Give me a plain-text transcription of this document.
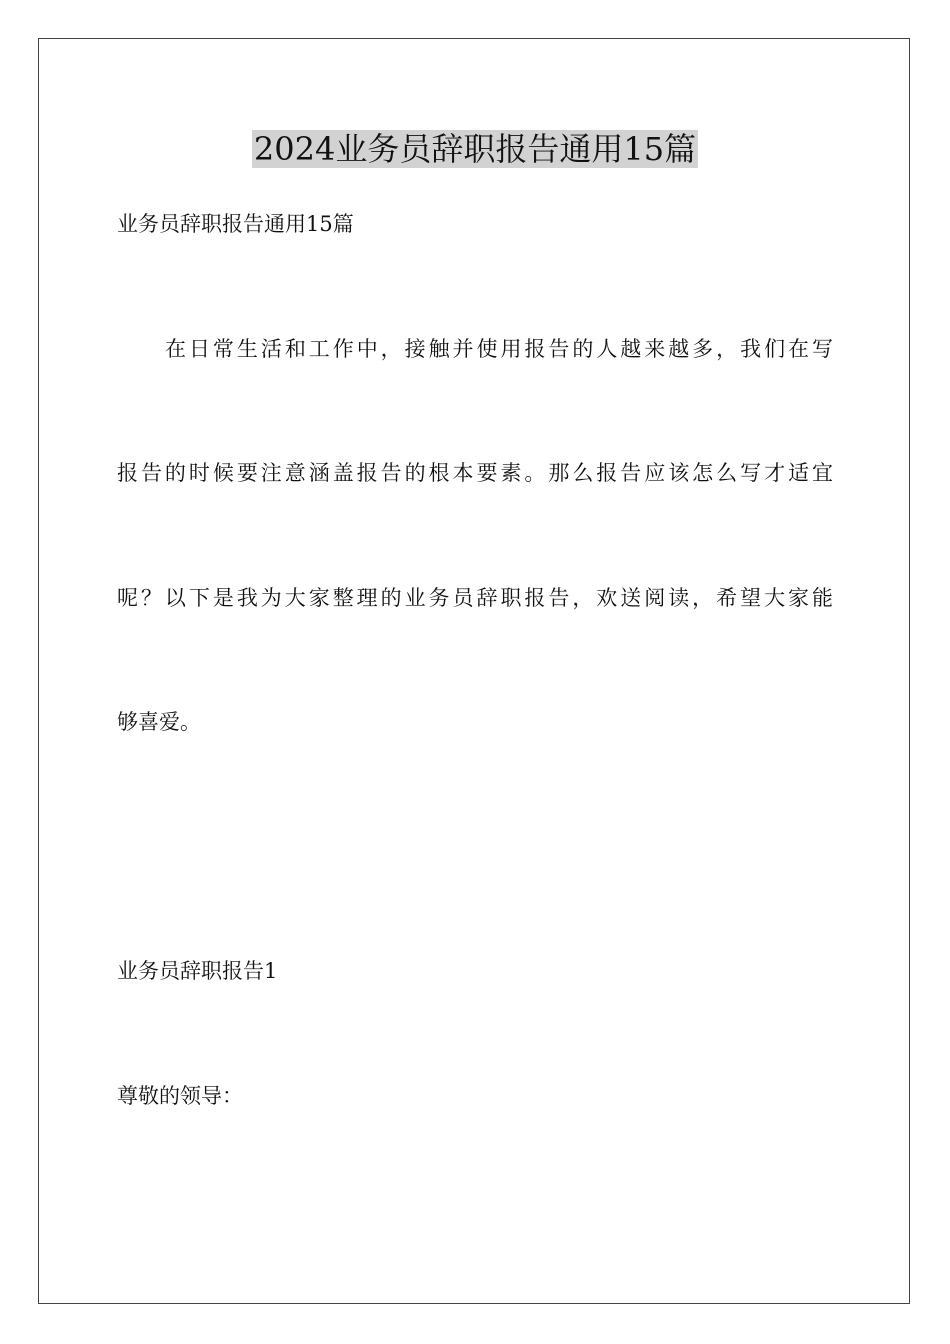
2024业务员辞职报告通用15篇
业务员辞职报告通用15篇
在日常生活和工作中，接触并使用报告的人越来越多，我们在写
报告的时候要注意涵盖报告的根本要素。那么报告应该怎么写才适宜
呢？以下是我为大家整理的业务员辞职报告，欢送阅读，希望大家能
够喜爱。
业务员辞职报告1
尊敬的领导：
